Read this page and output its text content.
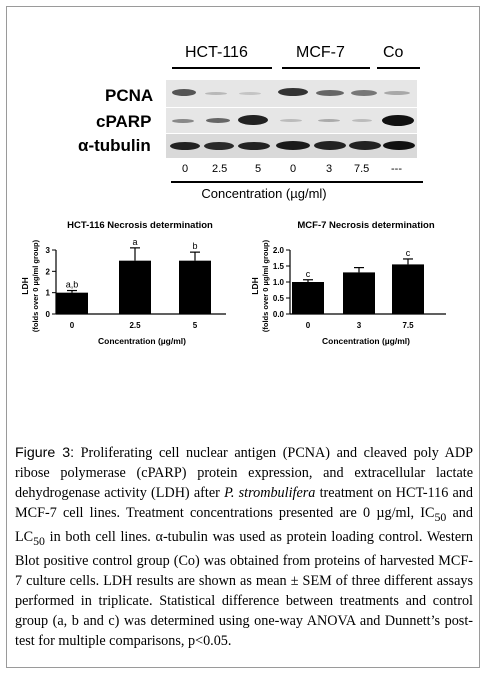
HCT-116	MCF-7 Co
PCNA
cPARP
α-tubulin
0 2.5	5	0	3 7.5 ---
Concentration (µg/ml)
HCT-116 Necrosis determination
0
1
2
3
LDH (folds over 0 µg/ml group)	a,b
0
a
2.5
b
5
Concentration (µg/ml)
MCF-7 Necrosis determination
0.0
0.5
1.0
1.5
2.0
LDH (folds over 0 µg/ml group)	c
0	3
c
7.5
Concentration (µg/ml)
Figure 3: Proliferating cell nuclear antigen (PCNA) and cleaved poly ADP ribose polymerase (cPARP) protein expression, and extracellular lactate dehydrogenase activity (LDH) after P. strombulifera treatment on HCT-116 and MCF-7 cell lines. Treatment concentrations presented are 0 µg/ml, $IC_{50}$ and $LC_{50}$ in both cell lines. α-tubulin was used as protein loading control. Western Blot positive control group (Co) was obtained from proteins of harvested MCF-7 culture cells. LDH results are shown as mean ± SEM of three different assays performed in triplicate. Statistical difference between treatments and control group (a, b and c) was determined using one-way ANOVA and Dunnett’s post-test for multiple comparisons, p<0.05.
